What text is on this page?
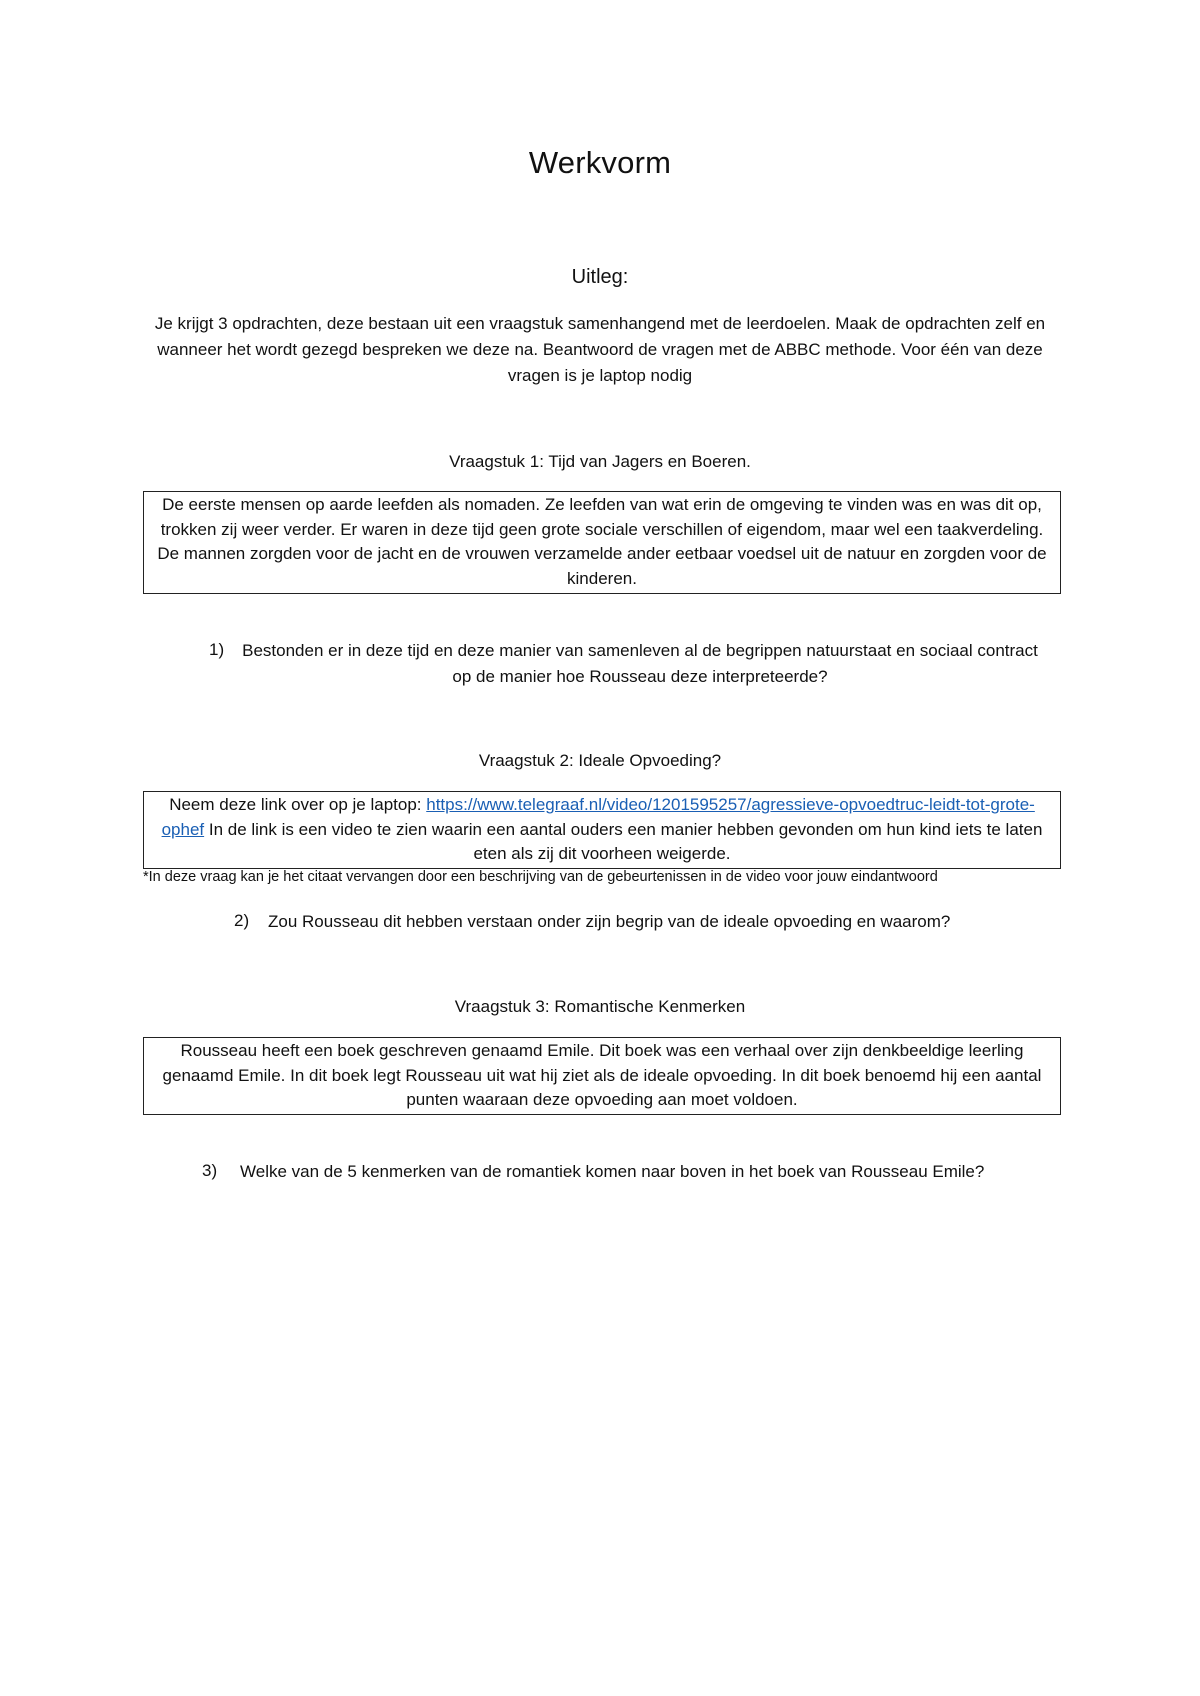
Werkvorm
Uitleg:
Je krijgt 3 opdrachten, deze bestaan uit een vraagstuk samenhangend met de leerdoelen. Maak de opdrachten zelf en wanneer het wordt gezegd bespreken we deze na. Beantwoord de vragen met de ABBC methode. Voor één van deze vragen is je laptop nodig
Vraagstuk 1: Tijd van Jagers en Boeren.
De eerste mensen op aarde leefden als nomaden. Ze leefden van wat erin de omgeving te vinden was en was dit op, trokken zij weer verder. Er waren in deze tijd geen grote sociale verschillen of eigendom, maar wel een taakverdeling. De mannen zorgden voor de jacht en de vrouwen verzamelde ander eetbaar voedsel uit de natuur en zorgden voor de kinderen.
1) Bestonden er in deze tijd en deze manier van samenleven al de begrippen natuurstaat en sociaal contract op de manier hoe Rousseau deze interpreteerde?
Vraagstuk 2: Ideale Opvoeding?
Neem deze link over op je laptop: https://www.telegraaf.nl/video/1201595257/agressieve-opvoedtruc-leidt-tot-grote-ophef In de link is een video te zien waarin een aantal ouders een manier hebben gevonden om hun kind iets te laten eten als zij dit voorheen weigerde.
*In deze vraag kan je het citaat vervangen door een beschrijving van de gebeurtenissen in de video voor jouw eindantwoord
2) Zou Rousseau dit hebben verstaan onder zijn begrip van de ideale opvoeding en waarom?
Vraagstuk 3: Romantische Kenmerken
Rousseau heeft een boek geschreven genaamd Emile. Dit boek was een verhaal over zijn denkbeeldige leerling genaamd Emile. In dit boek legt Rousseau uit wat hij ziet als de ideale opvoeding. In dit boek benoemd hij een aantal punten waaraan deze opvoeding aan moet voldoen.
3) Welke van de 5 kenmerken van de romantiek komen naar boven in het boek van Rousseau Emile?
